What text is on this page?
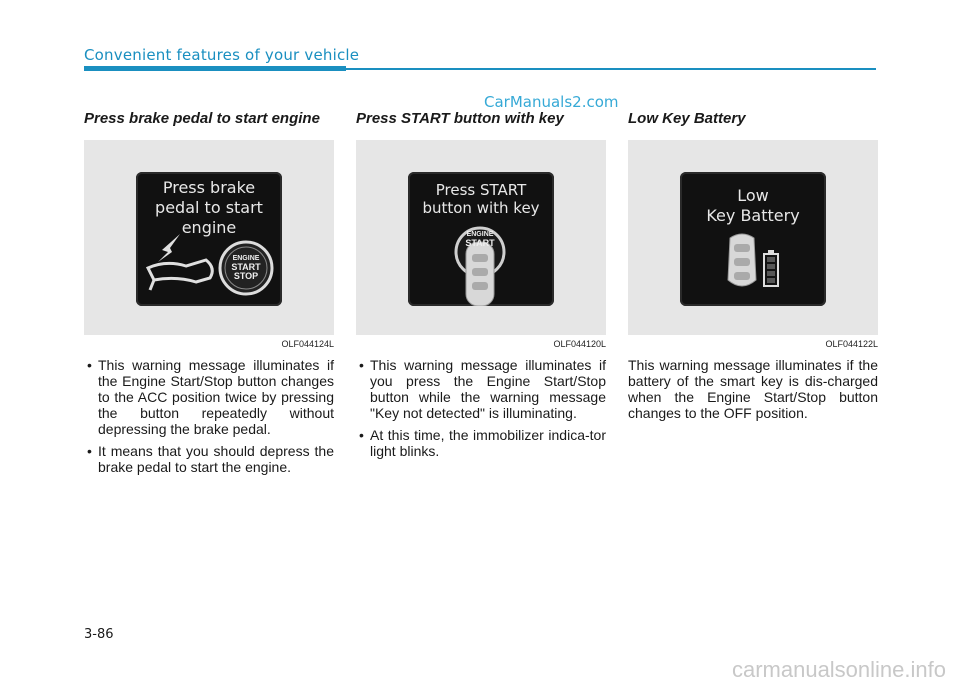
Convenient features of your vehicle
CarManuals2.com
Press brake pedal to start engine
Press brake
pedal to start
engine
ENGINE
START
STOP
OLF044124L
• This warning message illuminates if the Engine Start/Stop button changes to the ACC position twice by pressing the button repeatedly without depressing the brake pedal.
• It means that you should depress the brake pedal to start the engine.
Press START button with key
Press START
button with key
ENGINE
START
OLF044120L
• This warning message illuminates if you press the Engine Start/Stop button while the warning message "Key not detected" is illuminating.
• At this time, the immobilizer indica-tor light blinks.
Low Key Battery
Low
Key Battery
OLF044122L
This warning message illuminates if the battery of the smart key is dis-charged when the Engine Start/Stop button changes to the OFF position.
3-86
carmanualsonline.info
